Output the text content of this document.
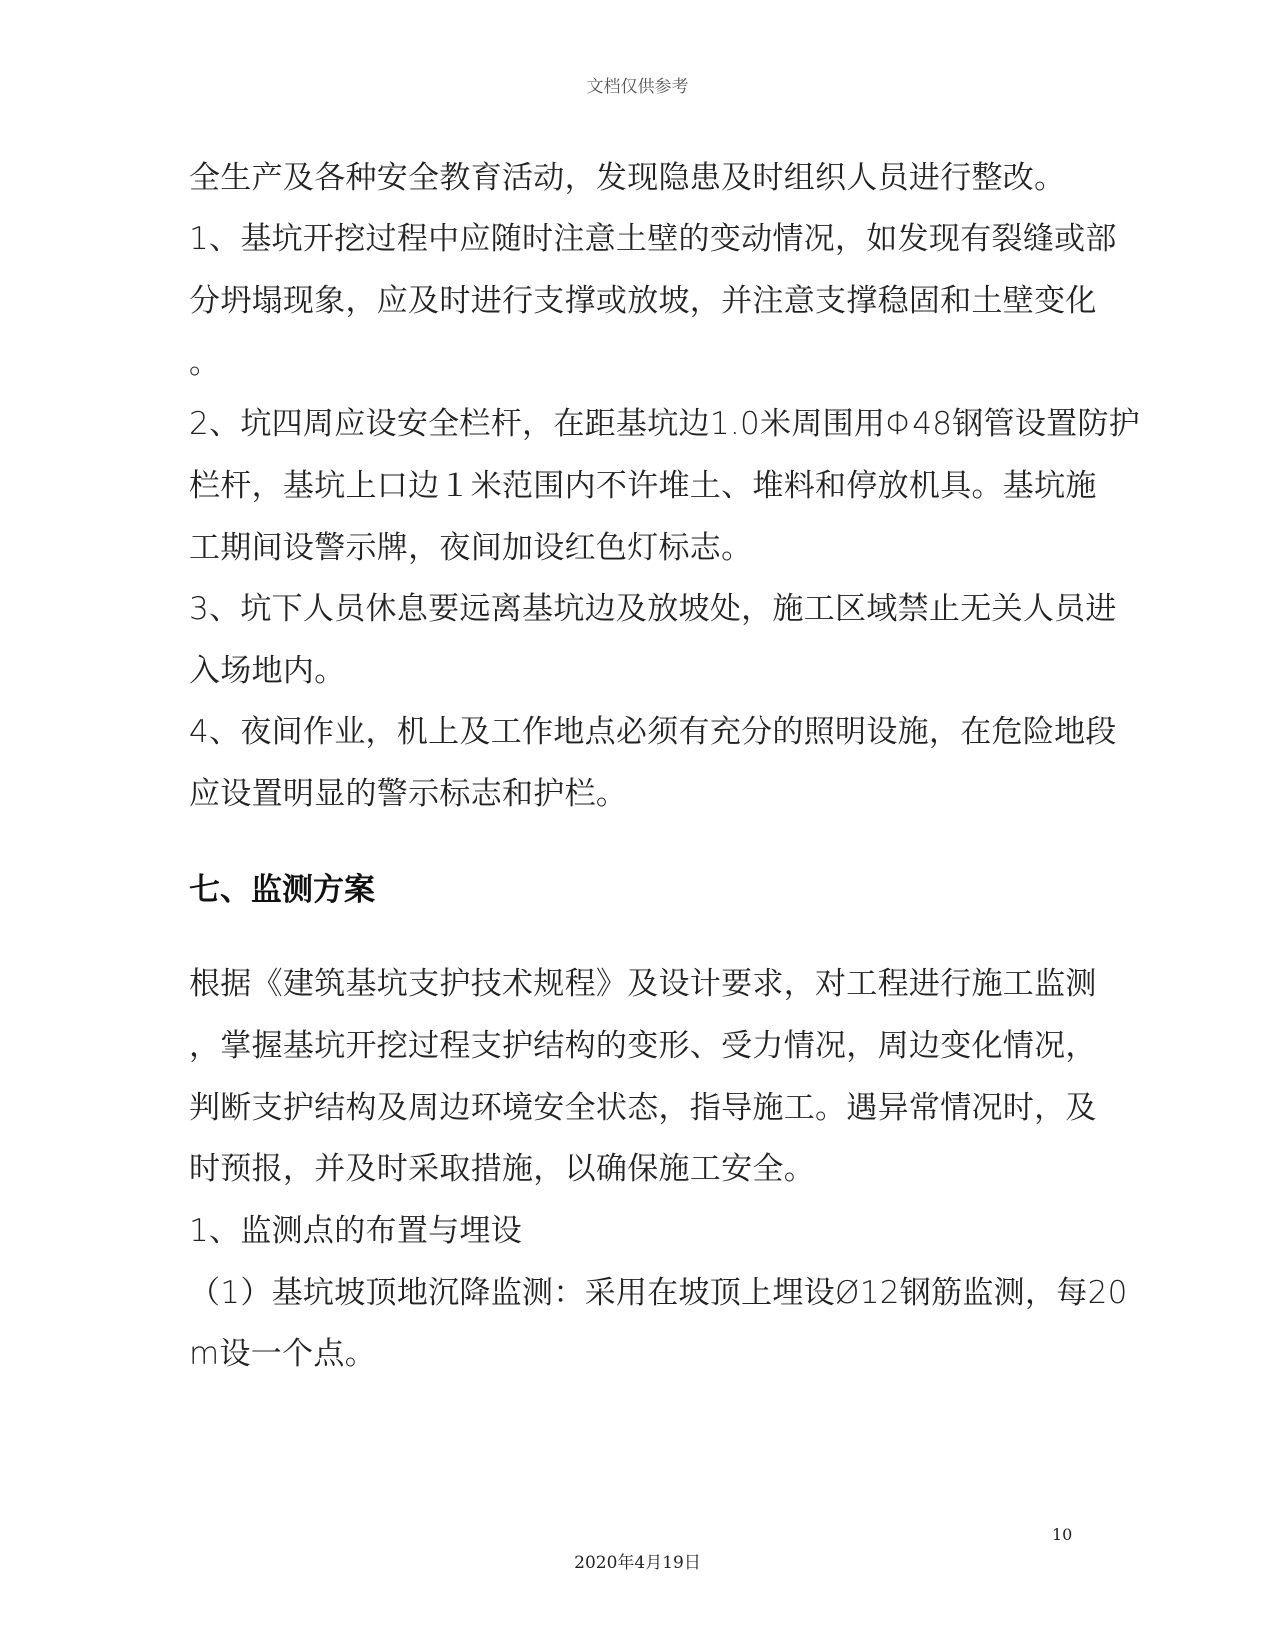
文档仅供参考
全生产及各种安全教育活动，发现隐患及时组织人员进行整改。
1、基坑开挖过程中应随时注意土壁的变动情况，如发现有裂缝或部
分坍塌现象，应及时进行支撑或放坡，并注意支撑稳固和土壁变化
。
2、坑四周应设安全栏杆，在距基坑边1.0米周围用Φ48钢管设置防护
栏杆，基坑上口边１米范围内不许堆土、堆料和停放机具。基坑施
工期间设警示牌，夜间加设红色灯标志。
3、坑下人员休息要远离基坑边及放坡处，施工区域禁止无关人员进
入场地内。
4、夜间作业，机上及工作地点必须有充分的照明设施，在危险地段
应设置明显的警示标志和护栏。
七、监测方案
根据《建筑基坑支护技术规程》及设计要求，对工程进行施工监测
，掌握基坑开挖过程支护结构的变形、受力情况，周边变化情况，
判断支护结构及周边环境安全状态，指导施工。遇异常情况时，及
时预报，并及时采取措施，以确保施工安全。
1、监测点的布置与埋设
（1）基坑坡顶地沉降监测：采用在坡顶上埋设Ø12钢筋监测，每20
m设一个点。
10
2020年4月19日
